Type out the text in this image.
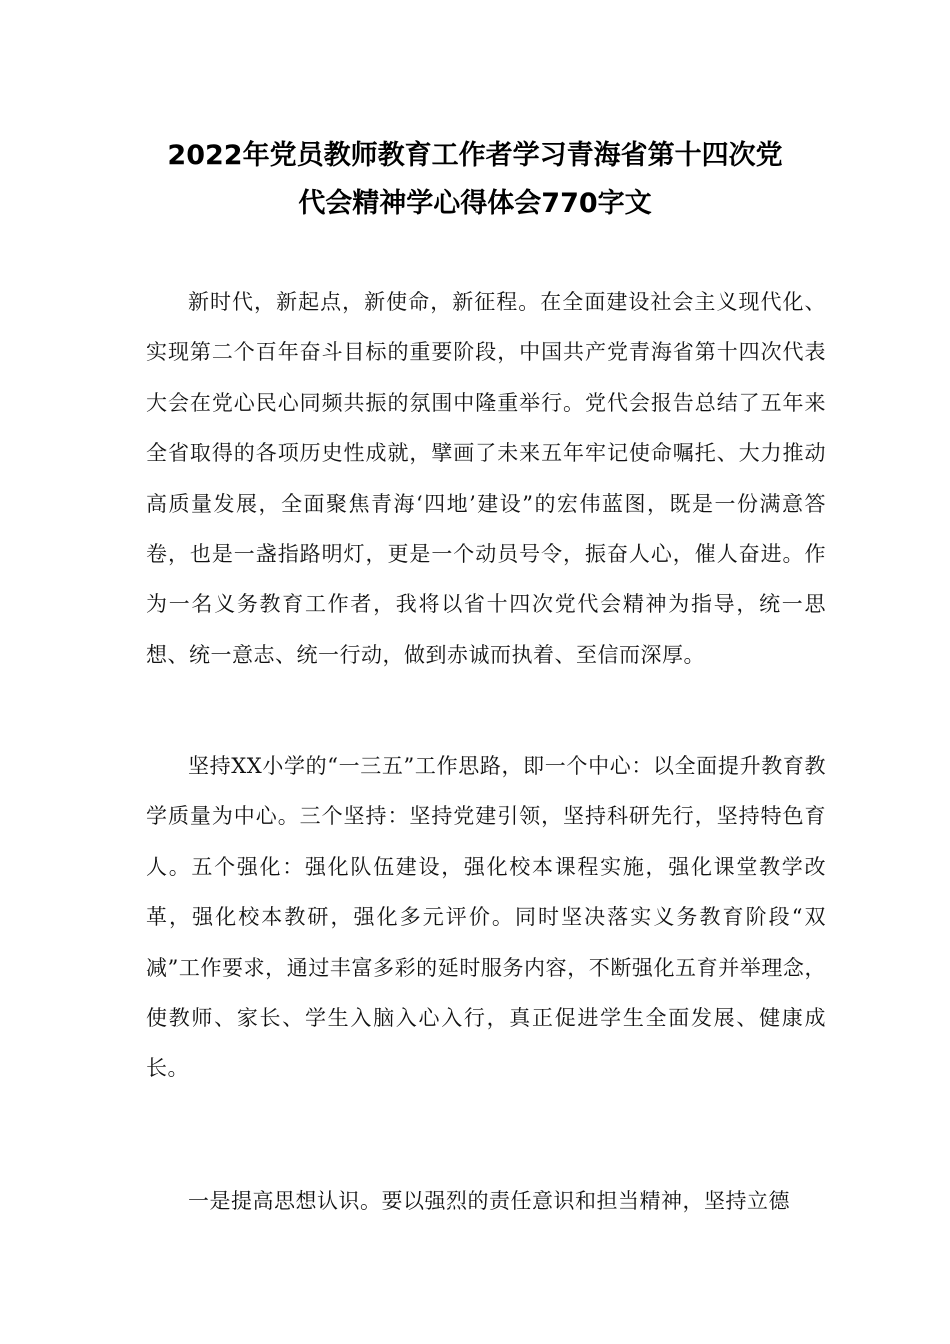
2022年党员教师教育工作者学习青海省第十四次党
代会精神学心得体会770字文

新时代，新起点，新使命，新征程。在全面建设社会主义现代化、实现第二个百年奋斗目标的重要阶段，中国共产党青海省第十四次代表大会在党心民心同频共振的氛围中隆重举行。党代会报告总结了五年来全省取得的各项历史性成就，擘画了未来五年牢记使命嘱托、大力推动高质量发展，全面聚焦青海‘四地’建设”的宏伟蓝图，既是一份满意答卷，也是一盏指路明灯，更是一个动员号令，振奋人心，催人奋进。作为一名义务教育工作者，我将以省十四次党代会精神为指导，统一思想、统一意志、统一行动，做到赤诚而执着、至信而深厚。

坚持XX小学的“一三五”工作思路，即一个中心：以全面提升教育教学质量为中心。三个坚持：坚持党建引领，坚持科研先行，坚持特色育人。五个强化：强化队伍建设，强化校本课程实施，强化课堂教学改革，强化校本教研，强化多元评价。同时坚决落实义务教育阶段“双减”工作要求，通过丰富多彩的延时服务内容，不断强化五育并举理念，使教师、家长、学生入脑入心入行，真正促进学生全面发展、健康成长。

一是提高思想认识。要以强烈的责任意识和担当精神，坚持立德
